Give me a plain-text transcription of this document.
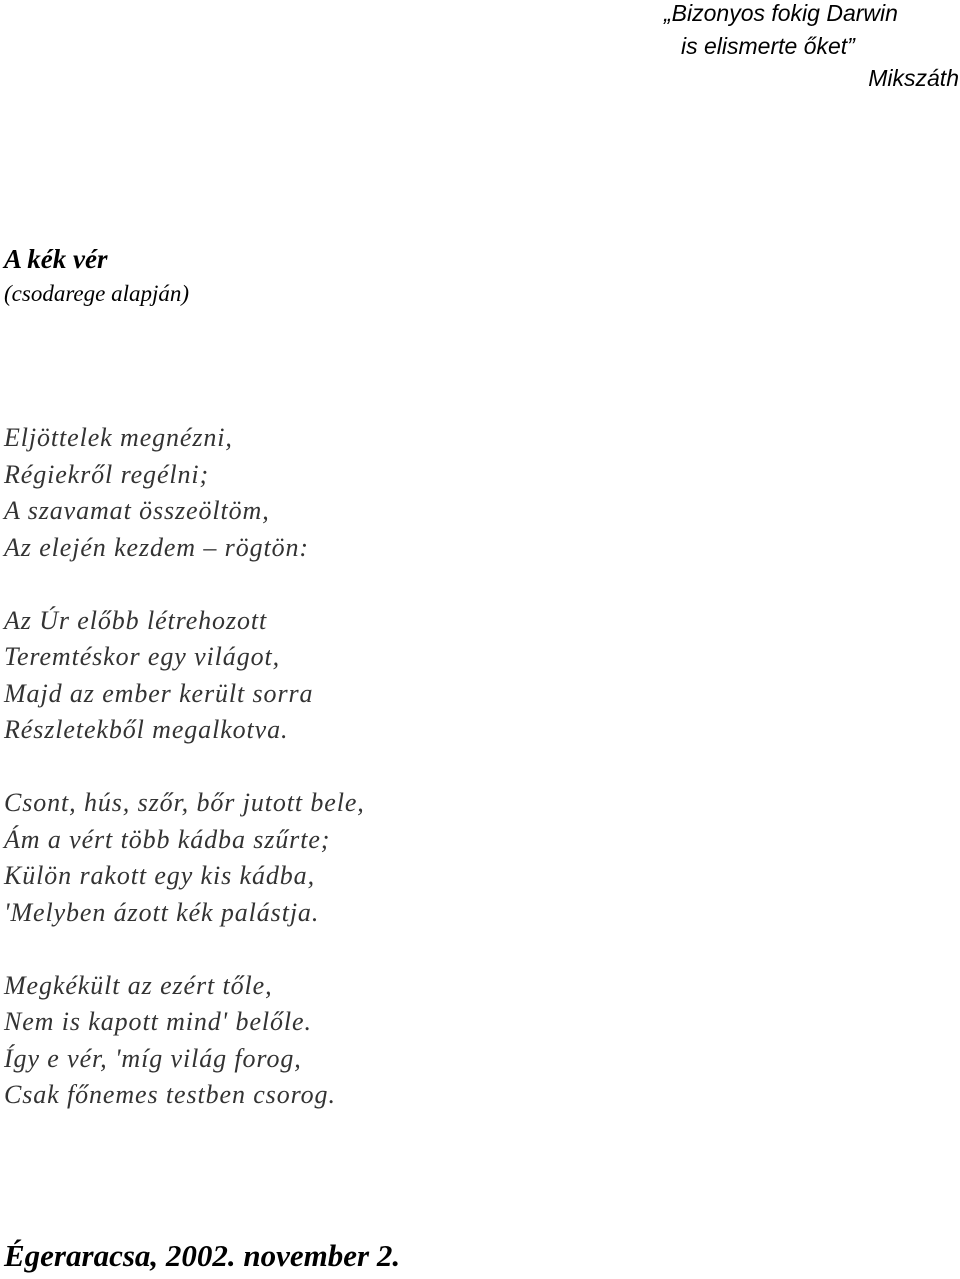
„Bizonyos fokig Darwin
is elismerte őket”
Mikszáth
A kék vér
(csodarege alapján)
Eljöttelek megnézni,
Régiekről regélni;
A szavamat összeöltöm,
Az elején kezdem – rögtön:
Az Úr előbb létrehozott
Teremtéskor egy világot,
Majd az ember került sorra
Részletekből megalkotva.
Csont, hús, szőr, bőr jutott bele,
Ám a vért több kádba szűrte;
Külön rakott egy kis kádba,
'Melyben ázott kék palástja.
Megkékült az ezért tőle,
Nem is kapott mind' belőle.
Így e vér, 'míg világ forog,
Csak főnemes testben csorog.
Égeraracsa, 2002. november 2.
